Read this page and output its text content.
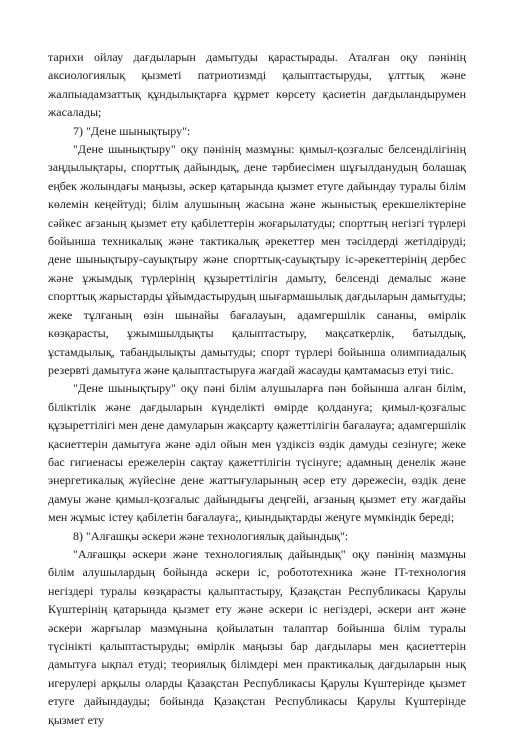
тарихи ойлау дағдыларын дамытуды қарастырады. Аталған оқу пәнінің аксиологиялық қызметі патриотизмді қалыптастыруды, ұлттық және жалпыадамзаттық құндылықтарға құрмет көрсету қасиетін дағдыландырумен жасалады;

7) "Дене шынықтыру":

"Дене шынықтыру" оқу пәнінің мазмұны: қимыл-қозғалыс белсенділігінің заңдылықтары, спорттық дайындық, дене тәрбиесімен шұғылданудың болашақ еңбек жолындағы маңызы, әскер қатарында қызмет етуге дайындау туралы білім көлемін кеңейтуді; білім алушының жасына және жыныстық ерекшеліктеріне сәйкес ағзаның қызмет ету қабілеттерін жоғарылатуды; спорттың негізгі түрлері бойынша техникалық және тактикалық әрекеттер мен тәсілдерді жетілдіруді; дене шынықтыру-сауықтыру және спорттық-сауықтыру іс-әрекеттерінің дербес және ұжымдық түрлерінің құзыреттілігін дамыту, белсенді демалыс және спорттық жарыстарды ұйымдастырудың шығармашылық дағдыларын дамытуды; жеке тұлғаның өзін шынайы бағалауын, адамгершілік сананы, өмірлік көзқарасты, ұжымшылдықты қалыптастыру, мақсаткерлік, батылдық, ұстамдылық, табандылықты дамытуды; спорт түрлері бойынша олимпиадалық резервті дамытуға және қалыптастыруға жағдай жасауды қамтамасыз етуі тиіс.

"Дене шынықтыру" оқу пәні білім алушыларға пән бойынша алған білім, біліктілік және дағдыларын күнделікті өмірде қолдануға; қимыл-қозғалыс құзыреттілігі мен дене дамуларын жақсарту қажеттілігін бағалауға; адамгершілік қасиеттерін дамытуға және әділ ойын мен үздіксіз өздік дамуды сезінуге; жеке бас гигиенасы ережелерін сақтау қажеттілігін түсінуге; адамның денелік және энергетикалық жүйесіне дене жаттығуларының әсер ету дәрежесін, өздік дене дамуы және қимыл-қозғалыс дайындығы деңгейі, ағзаның қызмет ету жағдайы мен жұмыс істеу қабілетін бағалауға;, қиындықтарды жеңуге мүмкіндік береді;

8) "Алғашқы әскери және технологиялық дайындық":

"Алғашқы әскери және технологиялық дайындық" оқу пәнінің мазмұны білім алушылардың бойында әскери іс, робототехника және IT-технология негіздері туралы көзқарасты қалыптастыру, Қазақстан Республикасы Қарулы Күштерінің қатарында қызмет ету және әскери іс негіздері, әскери ант және әскери жарғылар мазмұнына қойылатын талаптар бойынша білім туралы түсінікті қалыптастыруды; өмірлік маңызы бар дағдылары мен қасиеттерін дамытуға ықпал етуді; теориялық білімдері мен практикалық дағдыларын нық игерулері арқылы оларды Қазақстан Республикасы Қарулы Күштерінде қызмет етуге дайындауды; бойында Қазақстан Республикасы Қарулы Күштерінде қызмет ету
